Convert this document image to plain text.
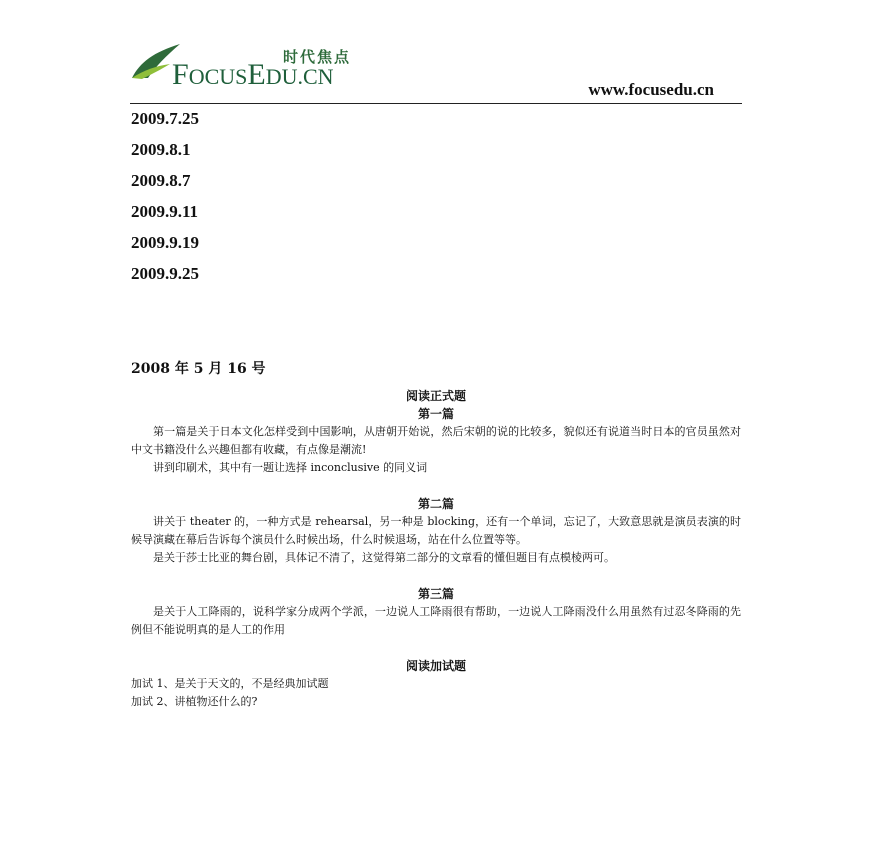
时代焦点
FOCUSEDU.CN
www.focusedu.cn
2009.7.25
2009.8.1
2009.8.7
2009.9.11
2009.9.19
2009.9.25
2008 年 5 月 16 号
阅读正式题
第一篇

第一篇是关于日本文化怎样受到中国影响，从唐朝开始说，然后宋朝的说的比较多，貌似还有说道当时日本的官员虽然对中文书籍没什么兴趣但都有收藏，有点像是潮流!

讲到印刷术，其中有一题让选择 inconclusive 的同义词

第二篇

讲关于 theater 的，一种方式是 rehearsal，另一种是 blocking，还有一个单词，忘记了，大致意思就是演员表演的时候导演藏在幕后告诉每个演员什么时候出场，什么时候退场，站在什么位置等等。

是关于莎士比亚的舞台剧，具体记不清了，这觉得第二部分的文章看的懂但题目有点模棱两可。

第三篇

是关于人工降雨的，说科学家分成两个学派，一边说人工降雨很有帮助，一边说人工降雨没什么用虽然有过忍冬降雨的先例但不能说明真的是人工的作用

阅读加试题

加试 1、是关于天文的，不是经典加试题

加试 2、讲植物还什么的?
